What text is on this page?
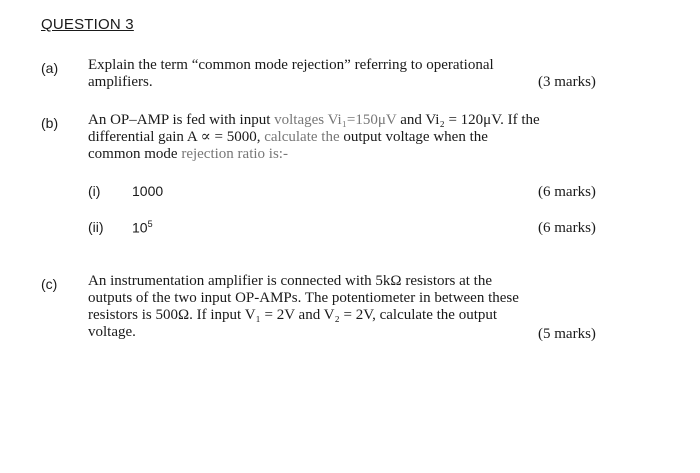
QUESTION 3
(a) Explain the term “common mode rejection” referring to operational
amplifiers.	(3 marks)
(b) An OP–AMP is fed with input voltages Vi₁=150μV and Vi₂ = 120μV. If the
differential gain A ∝ = 5000, calculate the output voltage when the
common mode rejection ratio is:-
(i) 1000	(6 marks)
(ii) $10^5$	(6 marks)
(c) An instrumentation amplifier is connected with 5kΩ resistors at the
outputs of the two input OP-AMPs. The potentiometer in between these
resistors is 500Ω. If input V₁ = 2V and V₂ = 2V, calculate the output
voltage.	(5 marks)
